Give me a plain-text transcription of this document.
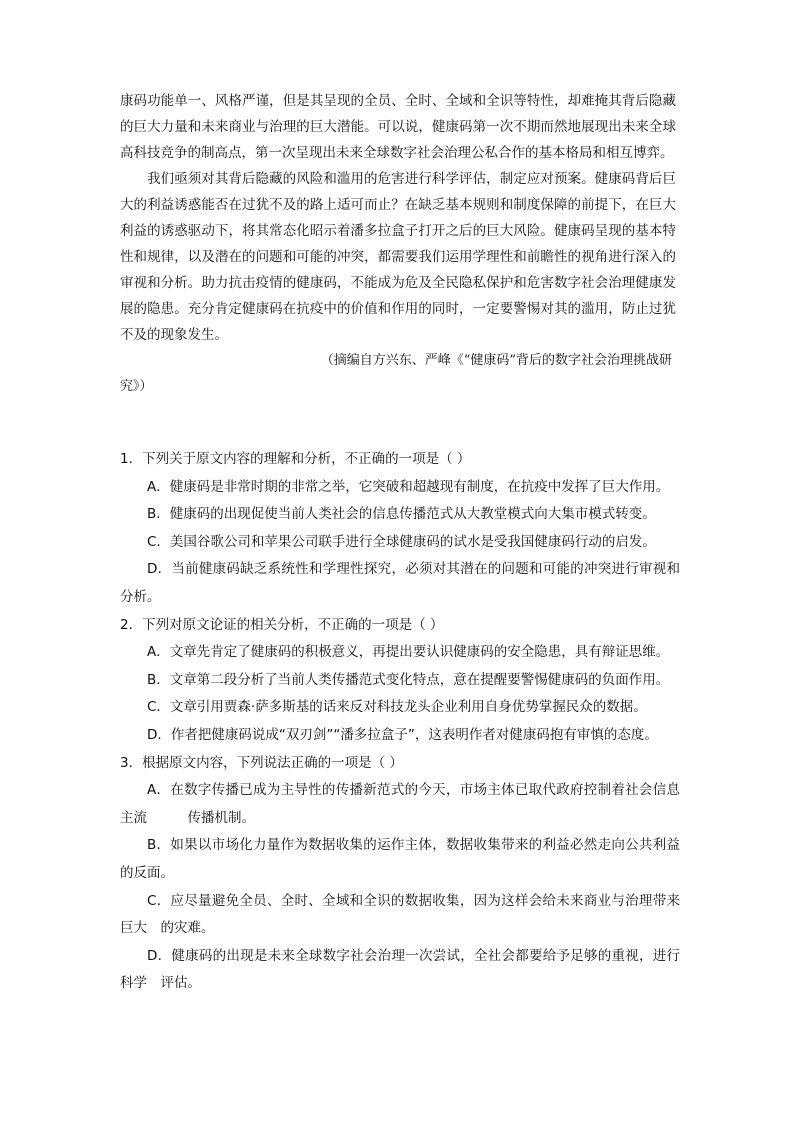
康码功能单一、风格严谨，但是其呈现的全员、全时、全域和全识等特性，却难掩其背后隐藏的巨大力量和未来商业与治理的巨大潜能。可以说，健康码第一次不期而然地展现出未来全球高科技竞争的制高点，第一次呈现出未来全球数字社会治理公私合作的基本格局和相互博弈。

我们亟须对其背后隐藏的风险和滥用的危害进行科学评估，制定应对预案。健康码背后巨大的利益诱惑能否在过犹不及的路上适可而止？在缺乏基本规则和制度保障的前提下，在巨大利益的诱惑驱动下，将其常态化昭示着潘多拉盒子打开之后的巨大风险。健康码呈现的基本特性和规律，以及潜在的问题和可能的冲突，都需要我们运用学理性和前瞻性的视角进行深入的审视和分析。助力抗击疫情的健康码，不能成为危及全民隐私保护和危害数字社会治理健康发展的隐患。充分肯定健康码在抗疫中的价值和作用的同时，一定要警惕对其的滥用，防止过犹不及的现象发生。

（摘编自方兴东、严峰《“健康码”背后的数字社会治理挑战研
究》）

1．下列关于原文内容的理解和分析，不正确的一项是（ ）

A．健康码是非常时期的非常之举，它突破和超越现有制度，在抗疫中发挥了巨大作用。

B．健康码的出现促使当前人类社会的信息传播范式从大教堂模式向大集市模式转变。

C．美国谷歌公司和苹果公司联手进行全球健康码的试水是受我国健康码行动的启发。

D．当前健康码缺乏系统性和学理性探究，必须对其潜在的问题和可能的冲突进行审视和分析。

2．下列对原文论证的相关分析，不正确的一项是（ ）

A．文章先肯定了健康码的积极意义，再提出要认识健康码的安全隐患，具有辩证思维。

B．文章第二段分析了当前人类传播范式变化特点，意在提醒要警惕健康码的负面作用。

C．文章引用贾森·萨多斯基的话来反对科技龙头企业利用自身优势掌握民众的数据。

D．作者把健康码说成“双刃剑”“潘多拉盒子”，这表明作者对健康码抱有审慎的态度。

3．根据原文内容，下列说法正确的一项是（ ）

A．在数字传播已成为主导性的传播新范式的今天，市场主体已取代政府控制着社会信息主流　　　传播机制。

B．如果以市场化力量作为数据收集的运作主体，数据收集带来的利益必然走向公共利益的反面。

C．应尽量避免全员、全时、全域和全识的数据收集，因为这样会给未来商业与治理带来巨大　的灾难。

D．健康码的出现是未来全球数字社会治理一次尝试，全社会都要给予足够的重视，进行科学　评估。
